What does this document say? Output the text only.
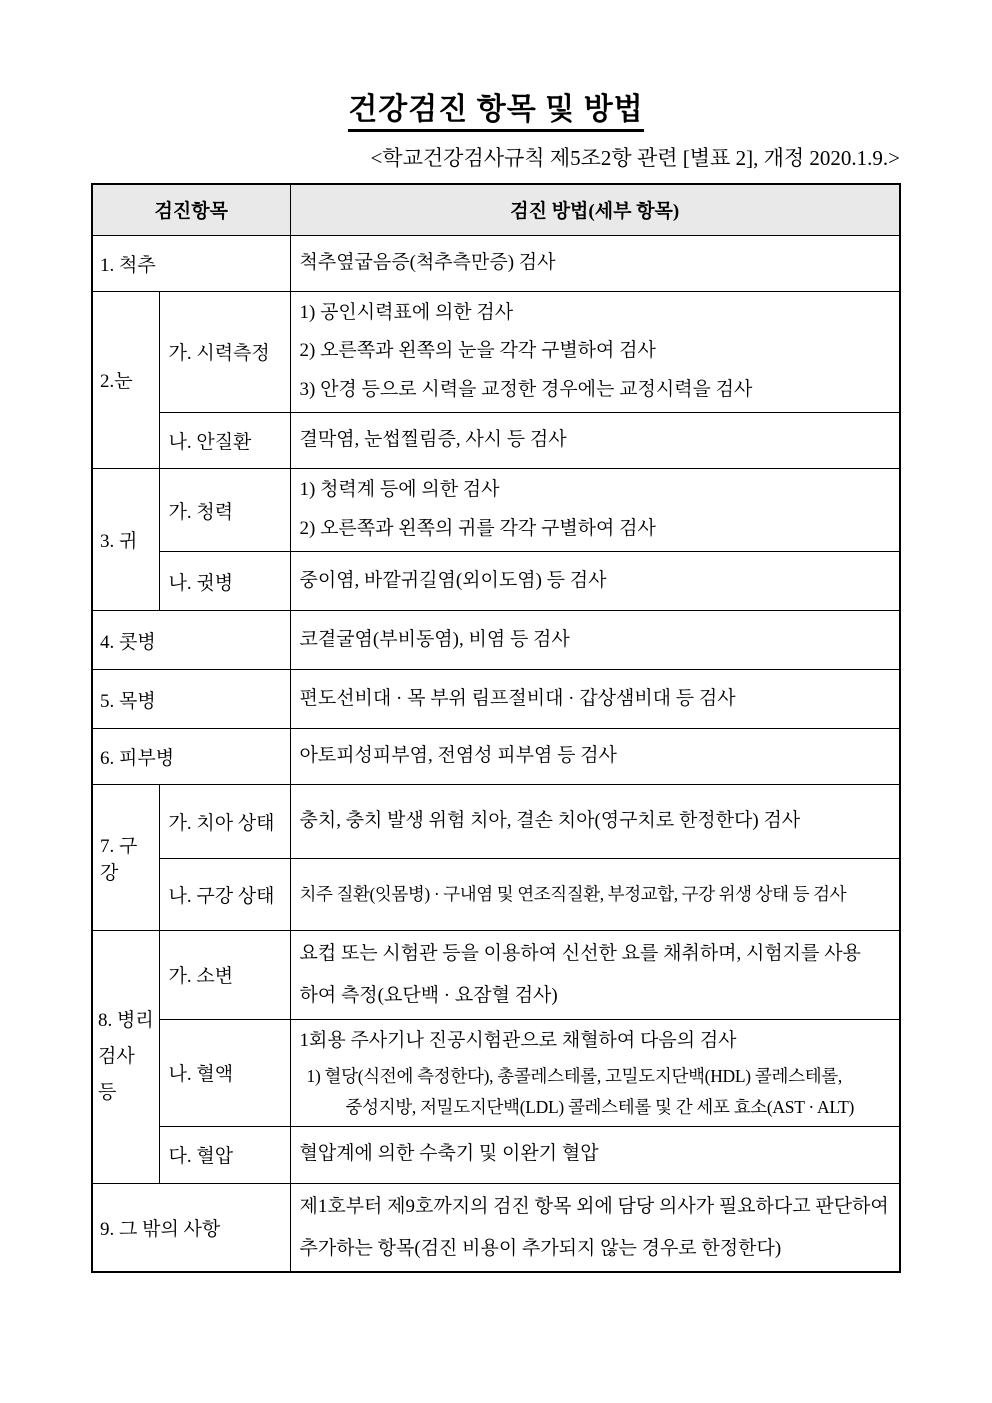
건강검진 항목 및 방법
<학교건강검사규칙 제5조2항 관련 [별표 2], 개정 2020.1.9.>
검진항목		검진 방법(세부 항목)
1. 척추		척추옆굽음증(척추측만증) 검사

2.눈	가. 시력측정	1) 공인시력표에 의한 검사
2) 오른쪽과 왼쪽의 눈을 각각 구별하여 검사
3) 안경 등으로 시력을 교정한 경우에는 교정시력을 검사

	나. 안질환	결막염, 눈썹찔림증, 사시 등 검사

3. 귀	가. 청력	1) 청력계 등에 의한 검사
2) 오른쪽과 왼쪽의 귀를 각각 구별하여 검사

	나. 귓병	중이염, 바깥귀길염(외이도염) 등 검사

4. 콧병		코곁굴염(부비동염), 비염 등 검사

5. 목병		편도선비대 · 목 부위 림프절비대 · 갑상샘비대 등 검사

6. 피부병		아토피성피부염, 전염성 피부염 등 검사

7. 구강	가. 치아 상태	충치, 충치 발생 위험 치아, 결손 치아(영구치로 한정한다) 검사

	나. 구강 상태	치주 질환(잇몸병) · 구내염 및 연조직질환, 부정교합, 구강 위생 상태 등 검사

8. 병리검사 등	가. 소변	요컵 또는 시험관 등을 이용하여 신선한 요를 채취하며, 시험지를 사용
하여 측정(요단백 · 요잠혈 검사)

	나. 혈액	1회용 주사기나 진공시험관으로 채혈하여 다음의 검사
1) 혈당(식전에 측정한다), 총콜레스테롤, 고밀도지단백(HDL) 콜레스테롤,
중성지방, 저밀도지단백(LDL) 콜레스테롤 및 간 세포 효소(AST · ALT)

	다. 혈압	혈압계에 의한 수축기 및 이완기 혈압

9. 그 밖의 사항		제1호부터 제9호까지의 검진 항목 외에 담당 의사가 필요하다고 판단하여
추가하는 항목(검진 비용이 추가되지 않는 경우로 한정한다)
